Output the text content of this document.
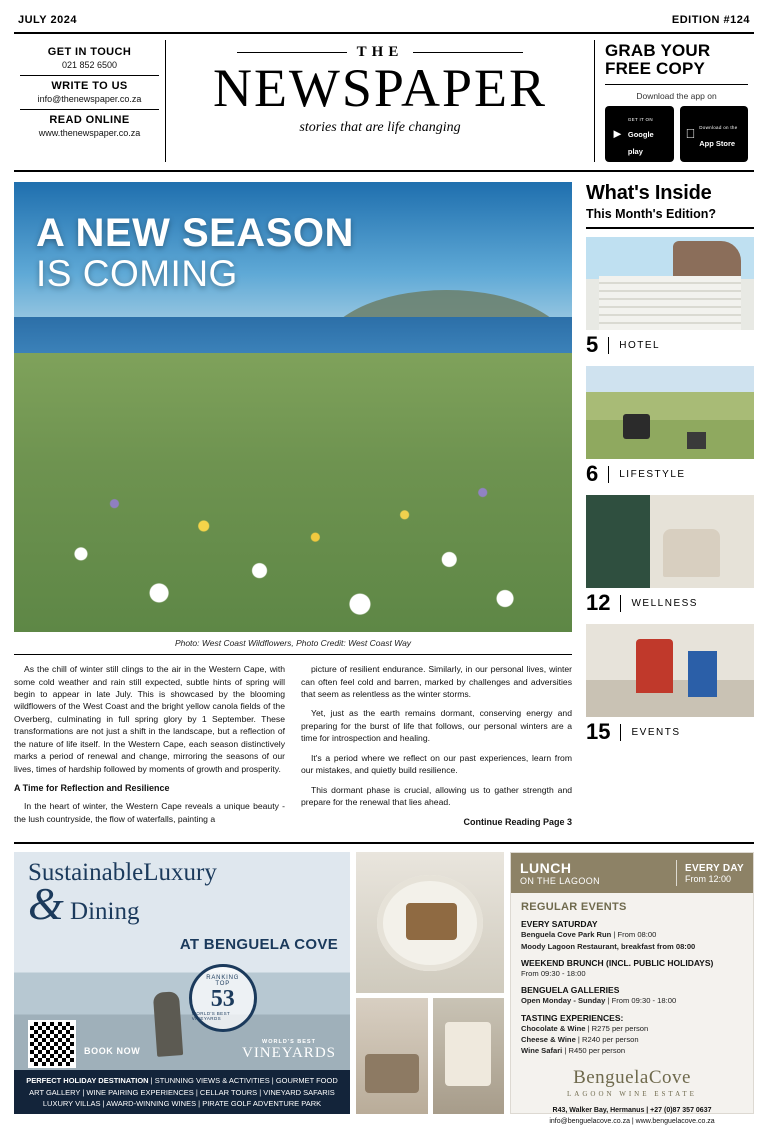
JULY 2024	EDITION #124
GET IN TOUCH
021 852 6500
WRITE TO US
info@thenewspaper.co.za
READ ONLINE
www.thenewspaper.co.za
THE
NEWSPAPER
stories that are life changing
GRAB YOUR
FREE COPY
Download the app on
►
GET IT ON
Google play
Download on the
App Store
A NEW SEASON
IS COMING
Photo: West Coast Wildflowers, Photo Credit: West Coast Way

As the chill of winter still clings to the air in the Western Cape, with some cold weather and rain still expected, subtle hints of spring will begin to appear in late July. This is showcased by the blooming wildflowers of the West Coast and the bright yellow canola fields of the Overberg, culminating in full spring glory by 1 September. These transformations are not just a shift in the landscape, but a reflection of the nature of life itself. In the Western Cape, each season distinctively marks a period of renewal and change, mirroring the seasons of our lives, times of hardship followed by moments of growth and prosperity.

A Time for Reflection and Resilience

In the heart of winter, the Western Cape reveals a unique beauty - the lush countryside, the flow of waterfalls, painting a

picture of resilient endurance. Similarly, in our personal lives, winter can often feel cold and barren, marked by challenges and adversities that seem as relentless as the winter storms.

Yet, just as the earth remains dormant, conserving energy and preparing for the burst of life that follows, our personal winters are a time for introspection and healing.

It's a period where we reflect on our past experiences, learn from our mistakes, and quietly build resilience.

This dormant phase is crucial, allowing us to gather strength and prepare for the renewal that lies ahead.

Continue Reading Page 3
What's Inside
This Month's Edition?
5 HOTEL
6 LIFESTYLE
12 WELLNESS
15 EVENTS
SustainableLuxury
& Dining
AT BENGUELA COVE
BOOK NOW
RANKING
TOP
53
WORLD'S BEST VINEYARDS
WORLD'S BEST
VINEYARDS
PERFECT HOLIDAY DESTINATION | STUNNING VIEWS & ACTIVITIES | GOURMET FOOD
ART GALLERY | WINE PAIRING EXPERIENCES | CELLAR TOURS | VINEYARD SAFARIS
LUXURY VILLAS | AWARD-WINNING WINES | PIRATE GOLF ADVENTURE PARK
LUNCH
ON THE LAGOON
EVERY DAY
From 12:00
REGULAR EVENTS
EVERY SATURDAY
Benguela Cove Park Run | From 08:00
Moody Lagoon Restaurant, breakfast from 08:00
WEEKEND BRUNCH (INCL. PUBLIC HOLIDAYS)
From 09:30 - 18:00
BENGUELA GALLERIES
Open Monday - Sunday | From 09:30 - 18:00
TASTING EXPERIENCES:
Chocolate & Wine | R275 per person
Cheese & Wine | R240 per person
Wine Safari | R450 per person
BenguelaCove
LAGOON WINE ESTATE
R43, Walker Bay, Hermanus | +27 (0)87 357 0637
info@benguelacove.co.za | www.benguelacove.co.za
